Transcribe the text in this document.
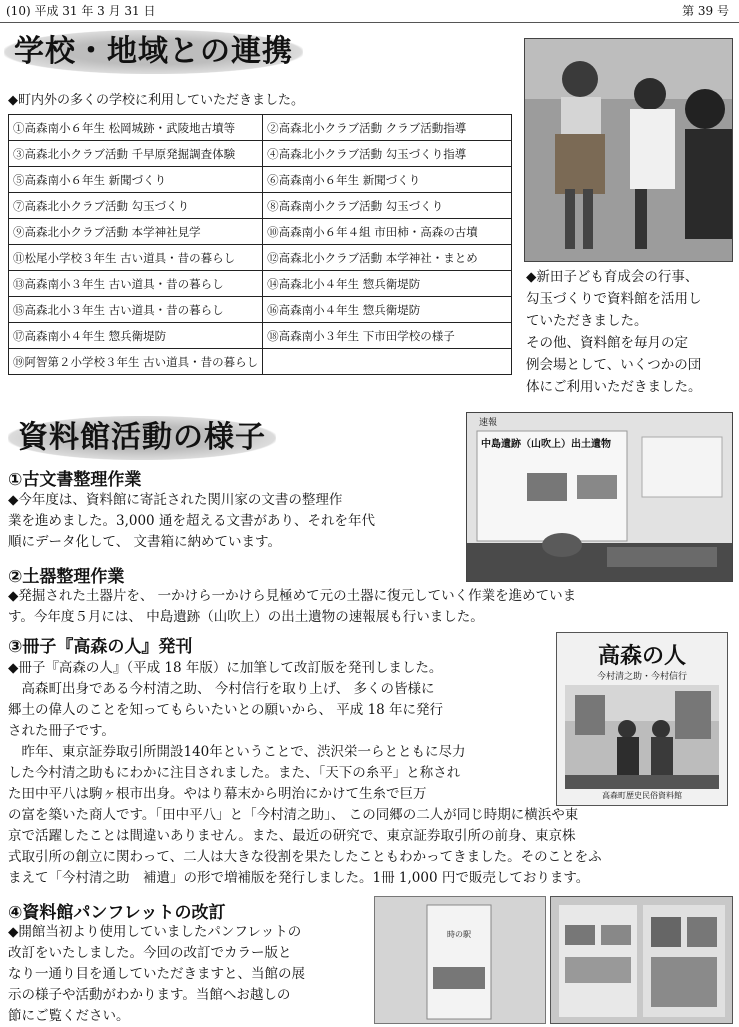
(10) 平成 31 年 3 月 31 日	第 39 号
学校・地域との連携
◆町内外の多くの学校に利用していただきました。
①高森南小６年生 松岡城跡・武陵地古墳等	②高森北小クラブ活動 クラブ活動指導
③高森北小クラブ活動 千早原発掘調査体験	④高森北小クラブ活動 勾玉づくり指導
⑤高森南小６年生 新聞づくり	⑥高森南小６年生 新聞づくり
⑦高森北小クラブ活動 勾玉づくり	⑧高森南小クラブ活動 勾玉づくり
⑨高森北小クラブ活動 本学神社見学	⑩高森南小６年４組 市田柿・高森の古墳
⑪松尾小学校３年生 古い道具・昔の暮らし	⑫高森北小クラブ活動 本学神社・まとめ
⑬高森南小３年生 古い道具・昔の暮らし	⑭高森北小４年生 惣兵衛堤防
⑮高森北小３年生 古い道具・昔の暮らし	⑯高森南小４年生 惣兵衛堤防
⑰高森南小４年生 惣兵衛堤防	⑱高森南小３年生 下市田学校の様子
⑲阿智第２小学校３年生 古い道具・昔の暮らし	
◆新田子ども育成会の行事、
勾玉づくりで資料館を活用し
ていただきました。
その他、資料館を毎月の定
例会場として、いくつかの団
体にご利用いただきました。
資料館活動の様子	速報
中島遺跡（山吹上）出土遺物
①古文書整理作業

◆今年度は、資料館に寄託された関川家の文書の整理作

業を進めました。3,000 通を超える文書があり、それを年代

順にデータ化して、 文書箱に納めています。

②土器整理作業

◆発掘された土器片を、 一かけら一かけら見極めて元の土器に復元していく作業を進めていま

す。今年度５月には、 中島遺跡（山吹上）の出土遺物の速報展も行いました。

③冊子『高森の人』発刊

◆冊子『高森の人』（平成 18 年版）に加筆して改訂版を発刊しました。

　高森町出身である今村清之助、 今村信行を取り上げ、 多くの皆様に

郷土の偉人のことを知ってもらいたいとの願いから、 平成 18 年に発行

された冊子です。

　昨年、東京証券取引所開設140年ということで、渋沢栄一らとともに尽力

した今村清之助もにわかに注目されました。また、「天下の糸平」と称され

た田中平八は駒ヶ根市出身。やはり幕末から明治にかけて生糸で巨万

の富を築いた商人です。「田中平八」と「今村清之助」、 この同郷の二人が同じ時期に横浜や東

京で活躍したことは間違いありません。また、最近の研究で、東京証券取引所の前身、東京株

式取引所の創立に関わって、二人は大きな役割を果たしたこともわかってきました。そのことをふ

まえて「今村清之助　補遺」の形で増補版を発行しました。1冊 1,000 円で販売しております。

高森の人
今村清之助・今村信行
高森町歴史民俗資料館
④資料館パンフレットの改訂

◆開館当初より使用していましたパンフレットの

改訂をいたしました。今回の改訂でカラー版と

なり一通り目を通していただきますと、当館の展

示の様子や活動がわかります。当館へお越しの

節にご覧ください。

時の駅
